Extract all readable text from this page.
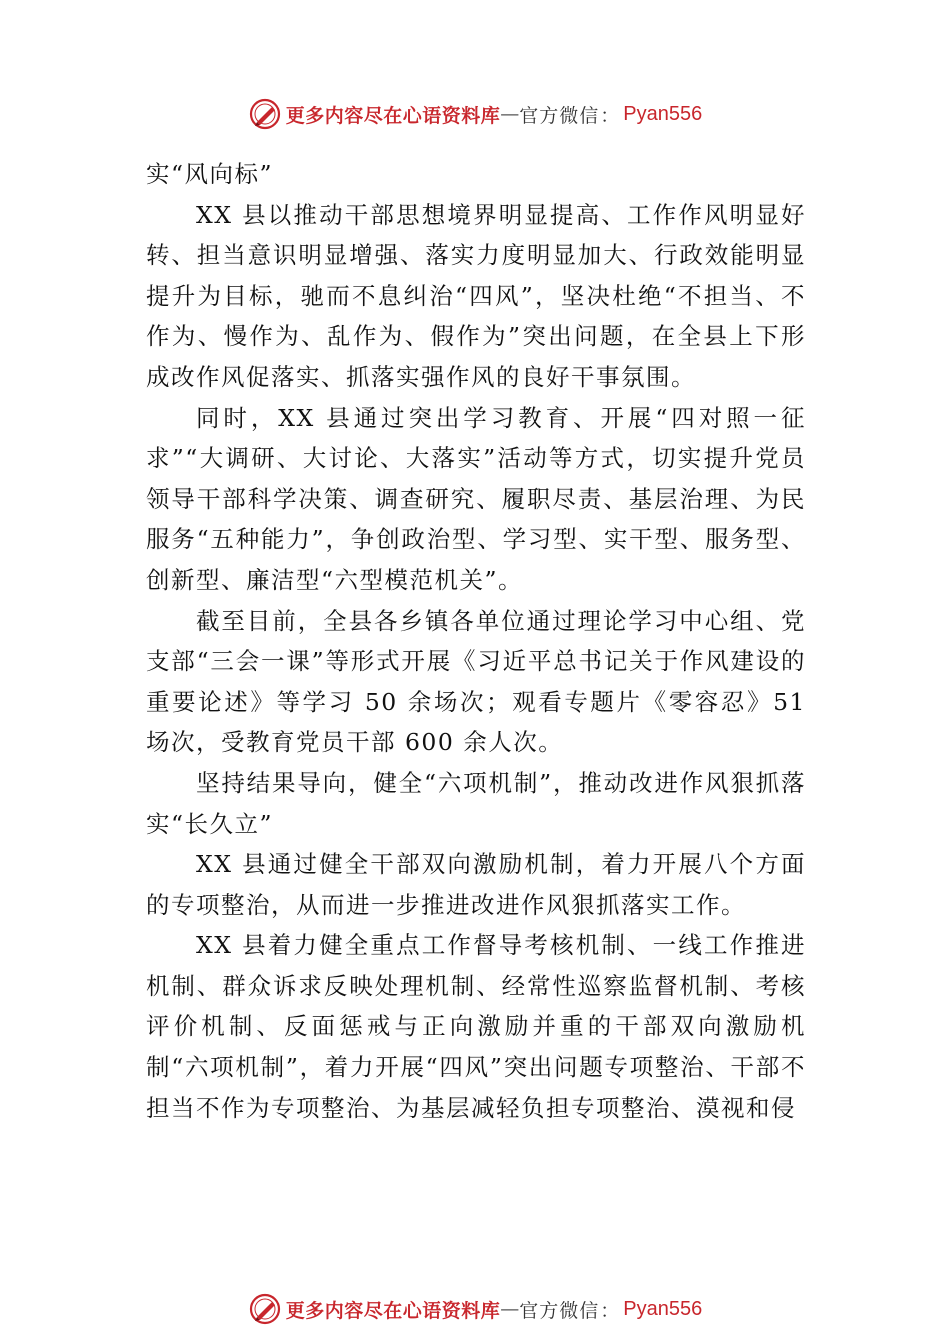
更多内容尽在心语资料库 — 官方微信 ： Pyan556

实“风向标”

XX 县以推动干部思想境界明显提高、工作作风明显好转、担当意识明显增强、落实力度明显加大、行政效能明显提升为目标，驰而不息纠治“四风”，坚决杜绝“不担当、不作为、慢作为、乱作为、假作为”突出问题，在全县上下形成改作风促落实、抓落实强作风的良好干事氛围。

同时，XX 县通过突出学习教育、开展“四对照一征求”“大调研、大讨论、大落实”活动等方式，切实提升党员领导干部科学决策、调查研究、履职尽责、基层治理、为民服务“五种能力”，争创政治型、学习型、实干型、服务型、创新型、廉洁型“六型模范机关”。

截至目前，全县各乡镇各单位通过理论学习中心组、党支部“三会一课”等形式开展《习近平总书记关于作风建设的重要论述》等学习 50 余场次；观看专题片《零容忍》51 场次，受教育党员干部 600 余人次。

坚持结果导向，健全“六项机制”，推动改进作风狠抓落实“长久立”

XX 县通过健全干部双向激励机制，着力开展八个方面的专项整治，从而进一步推进改进作风狠抓落实工作。

XX 县着力健全重点工作督导考核机制、一线工作推进机制、群众诉求反映处理机制、经常性巡察监督机制、考核评价机制、反面惩戒与正向激励并重的干部双向激励机制“六项机制”，着力开展“四风”突出问题专项整治、干部不担当不作为专项整治、为基层减轻负担专项整治、漠视和侵

更多内容尽在心语资料库 — 官方微信 ： Pyan556
